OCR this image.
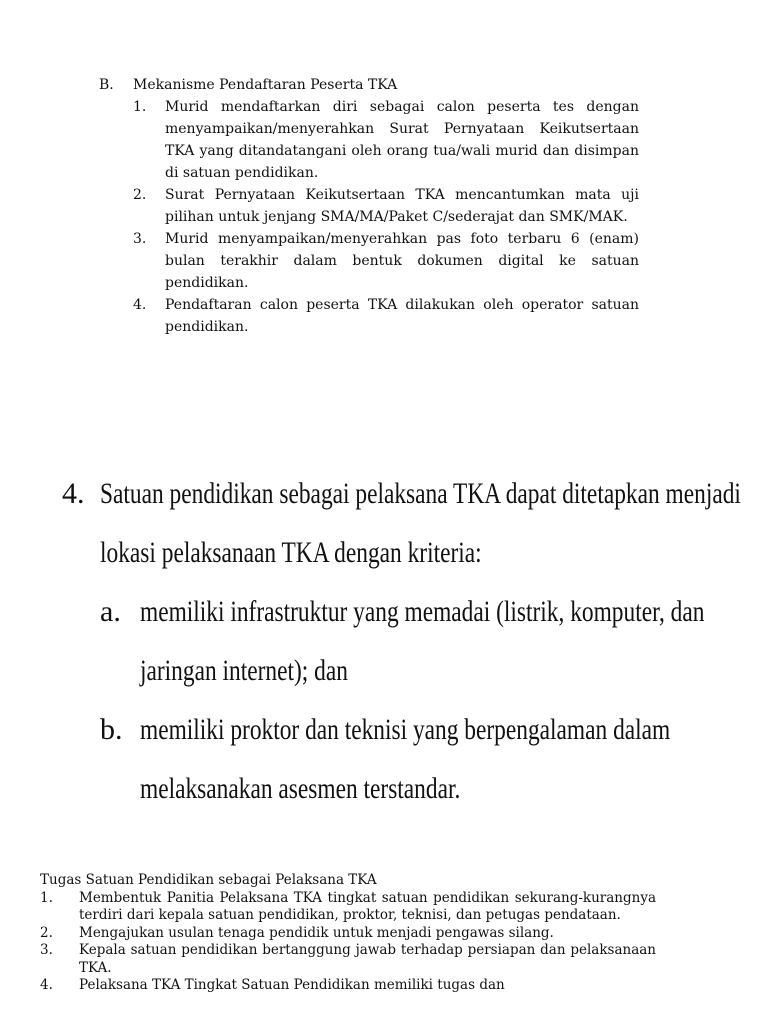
B.	Mekanisme Pendaftaran Peserta TKA
1.	Murid mendaftarkan diri sebagai calon peserta tes dengan menyampaikan/menyerahkan Surat Pernyataan Keikutsertaan TKA yang ditandatangani oleh orang tua/wali murid dan disimpan di satuan pendidikan.
2.	Surat Pernyataan Keikutsertaan TKA mencantumkan mata uji pilihan untuk jenjang SMA/MA/Paket C/sederajat dan SMK/MAK.
3.	Murid menyampaikan/menyerahkan pas foto terbaru 6 (enam) bulan terakhir dalam bentuk dokumen digital ke satuan pendidikan.
4.	Pendaftaran calon peserta TKA dilakukan oleh operator satuan pendidikan.
4. Satuan pendidikan sebagai pelaksana TKA dapat ditetapkan menjadi
lokasi pelaksanaan TKA dengan kriteria:
a. memiliki infrastruktur yang memadai (listrik, komputer, dan
jaringan internet); dan
b. memiliki proktor dan teknisi yang berpengalaman dalam
melaksanakan asesmen terstandar.
Tugas Satuan Pendidikan sebagai Pelaksana TKA
1.	Membentuk Panitia Pelaksana TKA tingkat satuan pendidikan sekurang-kurangnya terdiri dari kepala satuan pendidikan, proktor, teknisi, dan petugas pendataan.
2.	Mengajukan usulan tenaga pendidik untuk menjadi pengawas silang.
3.	Kepala satuan pendidikan bertanggung jawab terhadap persiapan dan pelaksanaan TKA.
4.	Pelaksana TKA Tingkat Satuan Pendidikan memiliki tugas dan
